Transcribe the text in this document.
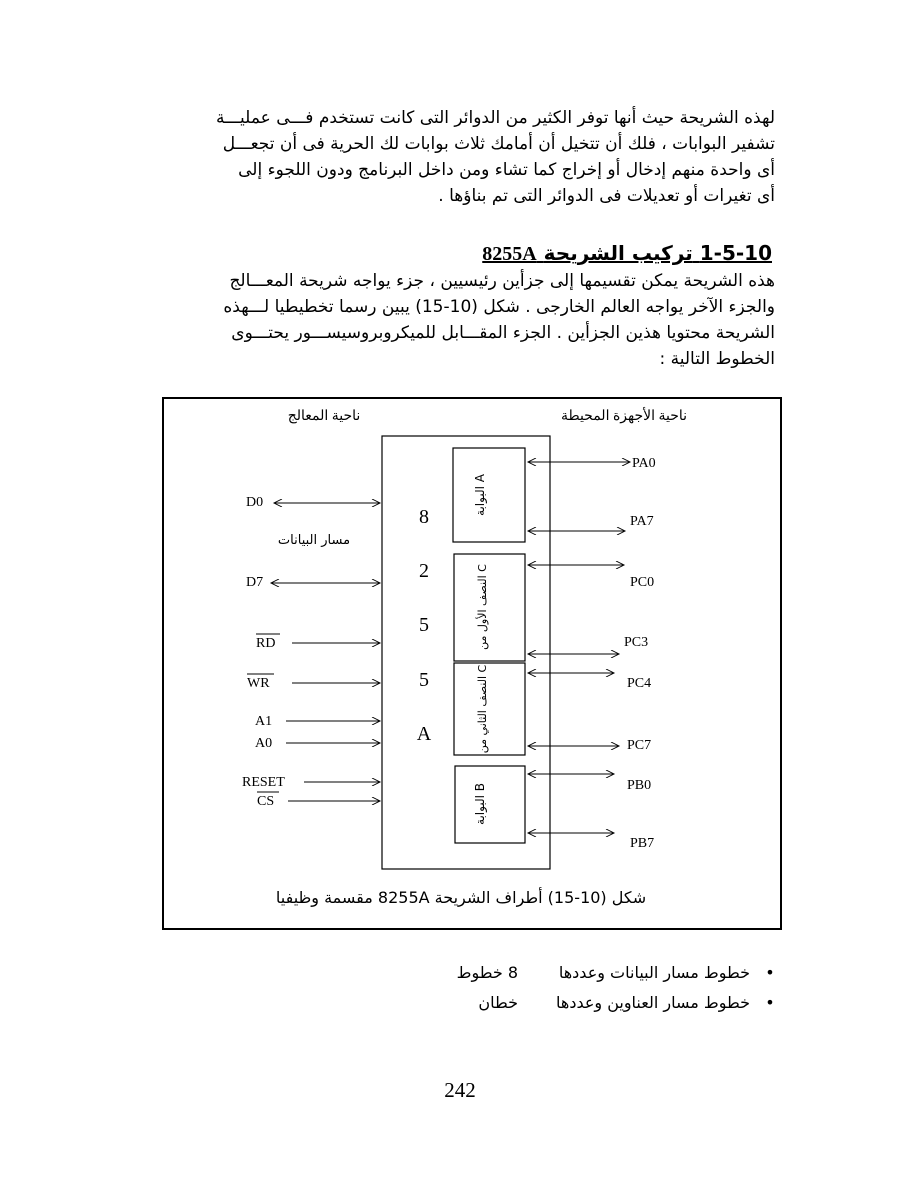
لهذه الشريحة حيث أنها توفر الكثير من الدوائر التى كانت تستخدم فـــى عمليـــة

تشفير البوابات ، فلك أن تتخيل أن أمامك ثلاث بوابات لك الحرية فى أن تجعـــل

أى واحدة منهم إدخال أو إخراج كما تشاء ومن داخل البرنامج ودون اللجوء إلى

أى تغيرات أو تعديلات فى الدوائر التى تم بناؤها .

1-5-10 تركيب الشريحة 8255A

هذه الشريحة يمكن تقسيمها إلى جزأين رئيسيين ، جزء يواجه شريحة المعـــالج

والجزء الآخر يواجه العالم الخارجى . شكل (10-15) يبين رسما تخطيطيا لـــهذه

الشريحة محتويا هذين الجزأين . الجزء المقـــابل للميكروبروسيســـور يحتـــوى

الخطوط التالية :

ناحية المعالج	ناحية الأجهزة المحيطة
8
2
5
5
A
البوابة A
النصف الأول من C
النصف الثاني من C
البوابة B
D0
مسار البيانات
D7
RD
WR
A1
A0
RESET
CS
PA0
PA7
PC0
PC3
PC4
PC7
PB0
PB7
شكل (10-15) أطراف الشريحة 8255A مقسمة وظيفيا
•
خطوط مسار البيانات وعددها
8 خطوط
•
خطوط مسار العناوين وعددها
خطان
242
